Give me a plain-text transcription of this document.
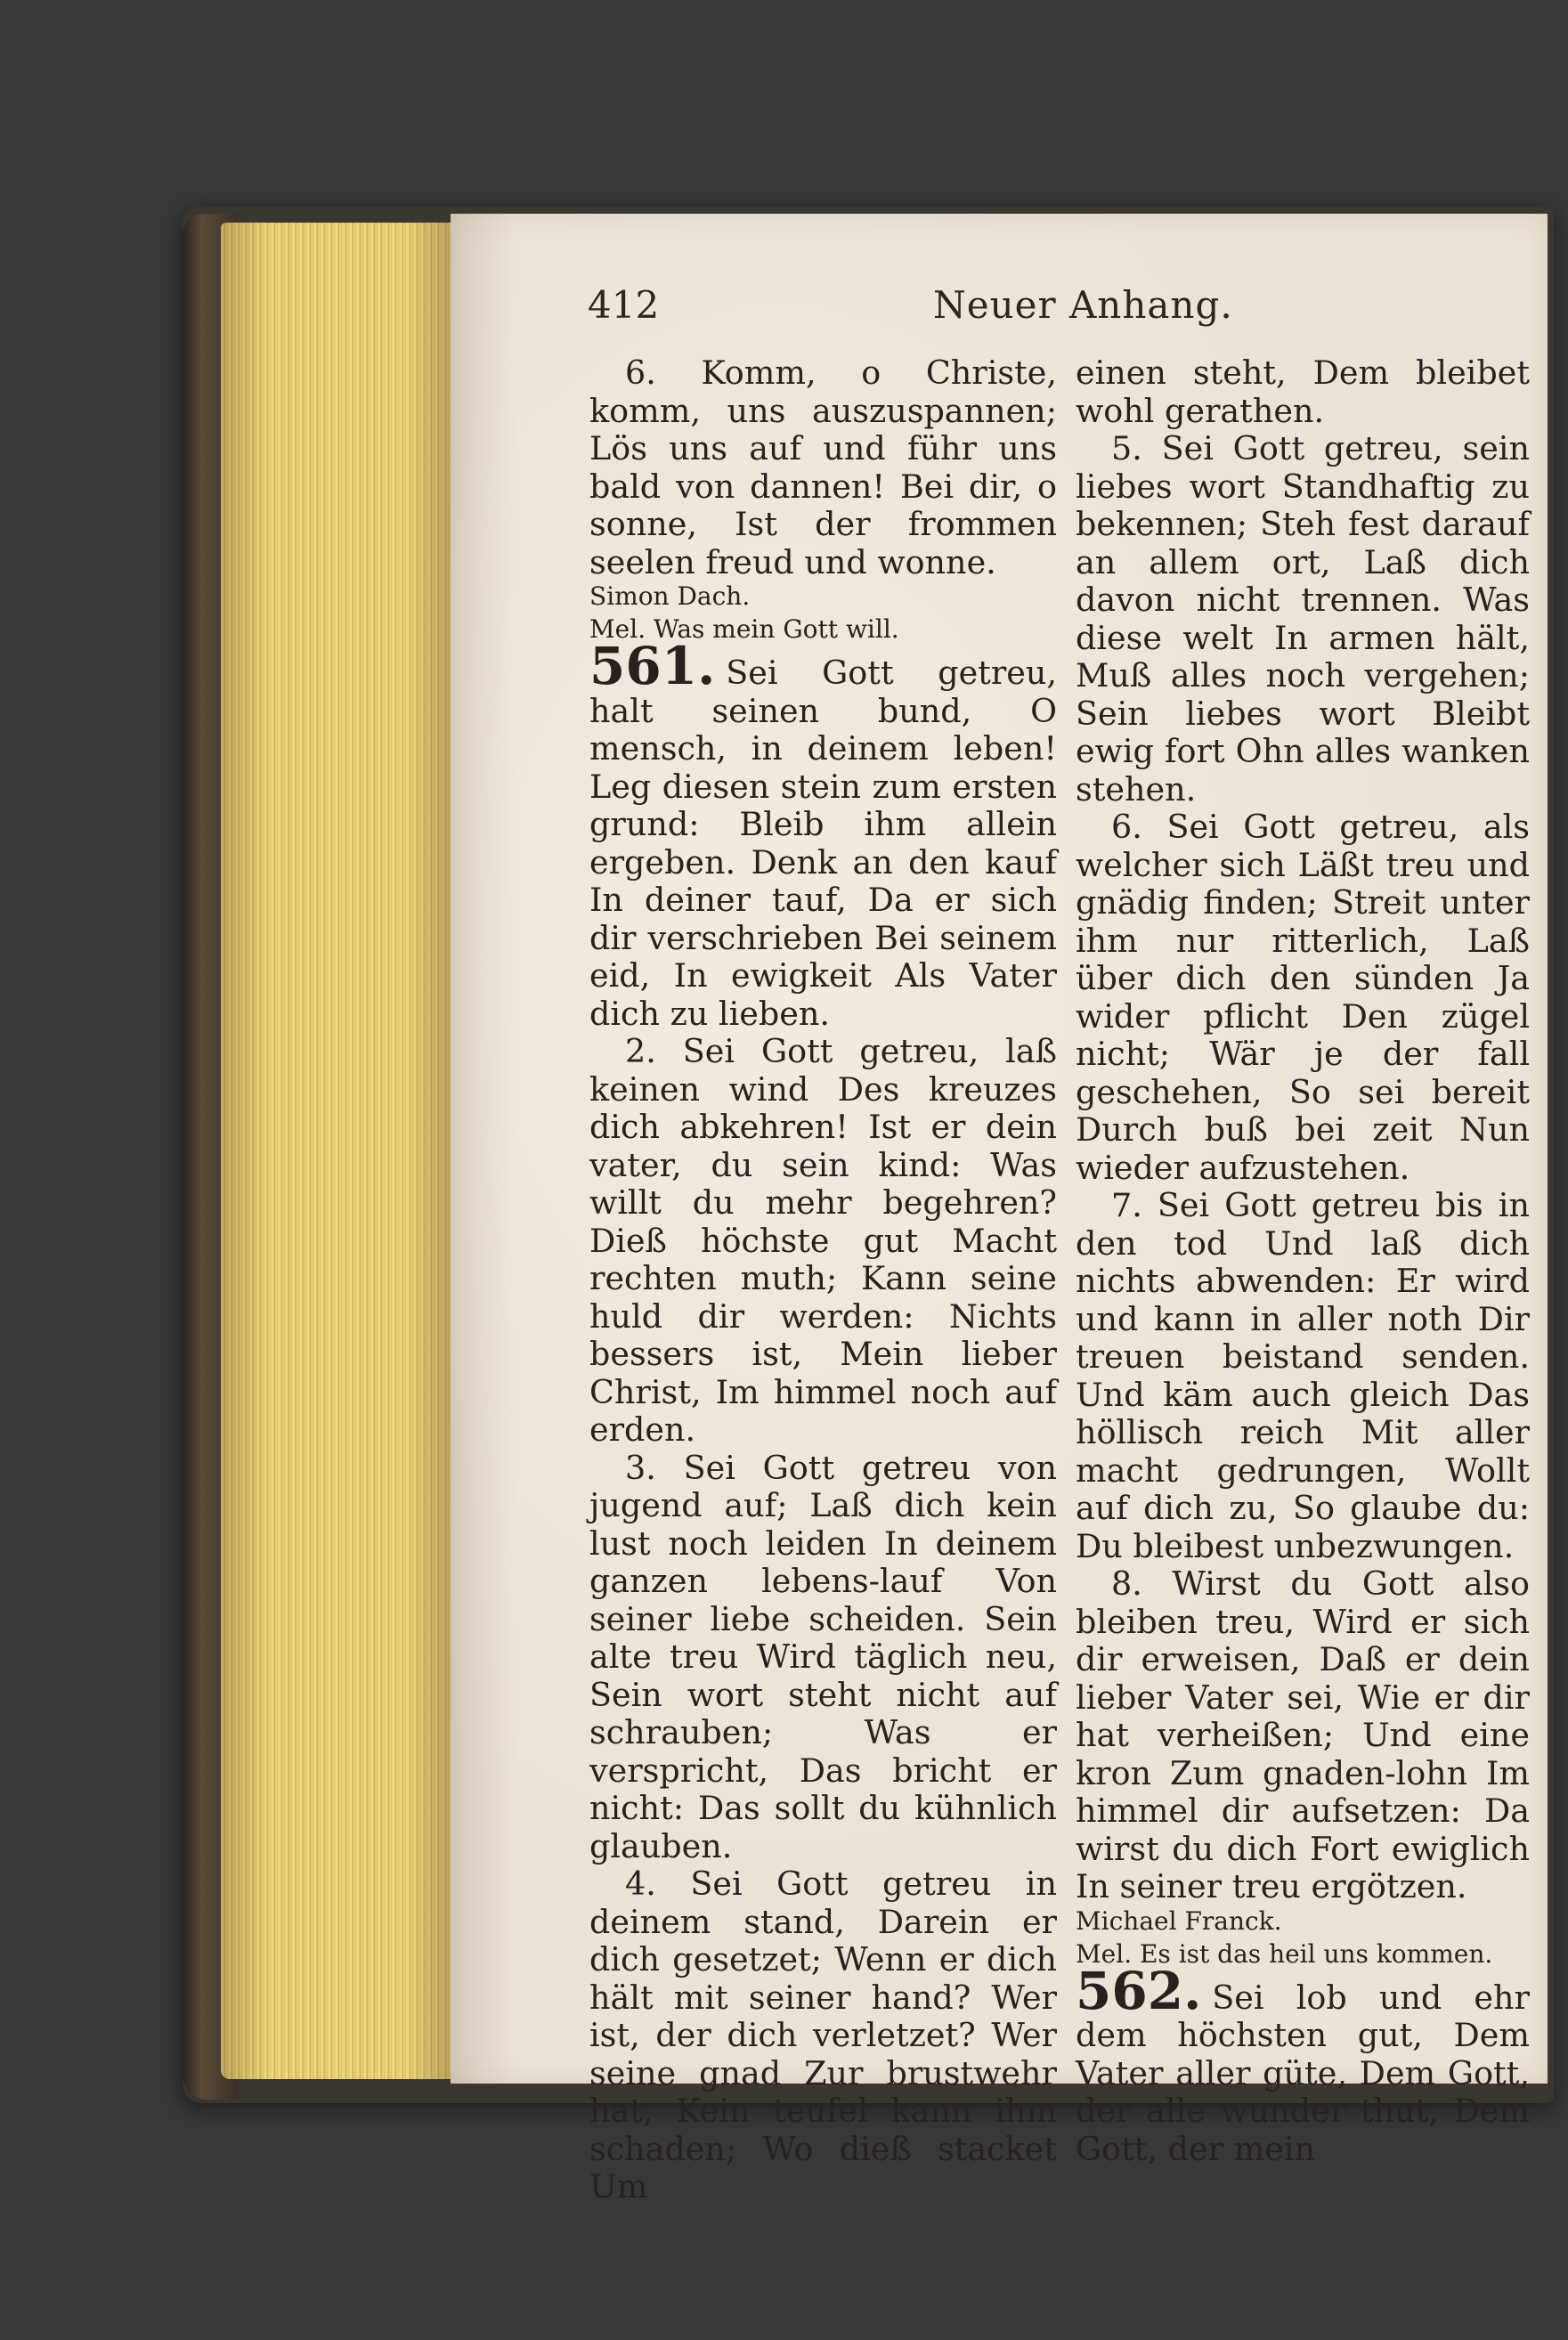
412	Neuer Anhang.

6. Komm, o Christe, komm, uns auszuspannen; Lös uns auf und führ uns bald von dannen! Bei dir, o sonne, Ist der frommen seelen freud und wonne.

Simon Dach.

Mel. Was mein Gott will.

561. Sei Gott getreu, halt seinen bund, O mensch, in deinem leben! Leg diesen stein zum ersten grund: Bleib ihm allein ergeben. Denk an den kauf In deiner tauf, Da er sich dir verschrieben Bei seinem eid, In ewigkeit Als Vater dich zu lieben.

2. Sei Gott getreu, laß keinen wind Des kreuzes dich abkehren! Ist er dein vater, du sein kind: Was willt du mehr begehren? Dieß höchste gut Macht rechten muth; Kann seine huld dir werden: Nichts bessers ist, Mein lieber Christ, Im himmel noch auf erden.

3. Sei Gott getreu von jugend auf; Laß dich kein lust noch leiden In deinem ganzen lebens-lauf Von seiner liebe scheiden. Sein alte treu Wird täglich neu, Sein wort steht nicht auf schrauben; Was er verspricht, Das bricht er nicht: Das sollt du kühnlich glauben.

4. Sei Gott getreu in deinem stand, Darein er dich gesetzet; Wenn er dich hält mit seiner hand? Wer ist, der dich verletzet? Wer seine gnad Zur brustwehr hat, Kein teufel kann ihm schaden; Wo dieß stacket Um

einen steht, Dem bleibet wohl gerathen.

5. Sei Gott getreu, sein liebes wort Standhaftig zu bekennen; Steh fest darauf an allem ort, Laß dich davon nicht trennen. Was diese welt In armen hält, Muß alles noch vergehen; Sein liebes wort Bleibt ewig fort Ohn alles wanken stehen.

6. Sei Gott getreu, als welcher sich Läßt treu und gnädig finden; Streit unter ihm nur ritterlich, Laß über dich den sünden Ja wider pflicht Den zügel nicht; Wär je der fall geschehen, So sei bereit Durch buß bei zeit Nun wieder aufzustehen.

7. Sei Gott getreu bis in den tod Und laß dich nichts abwenden: Er wird und kann in aller noth Dir treuen beistand senden. Und käm auch gleich Das höllisch reich Mit aller macht gedrungen, Wollt auf dich zu, So glaube du: Du bleibest unbezwungen.

8. Wirst du Gott also bleiben treu, Wird er sich dir erweisen, Daß er dein lieber Vater sei, Wie er dir hat verheißen; Und eine kron Zum gnaden-lohn Im himmel dir aufsetzen: Da wirst du dich Fort ewiglich In seiner treu ergötzen.

Michael Franck.

Mel. Es ist das heil uns kommen.

562. Sei lob und ehr dem höchsten gut, Dem Vater aller güte, Dem Gott, der alle wunder thut, Dem Gott, der mein
